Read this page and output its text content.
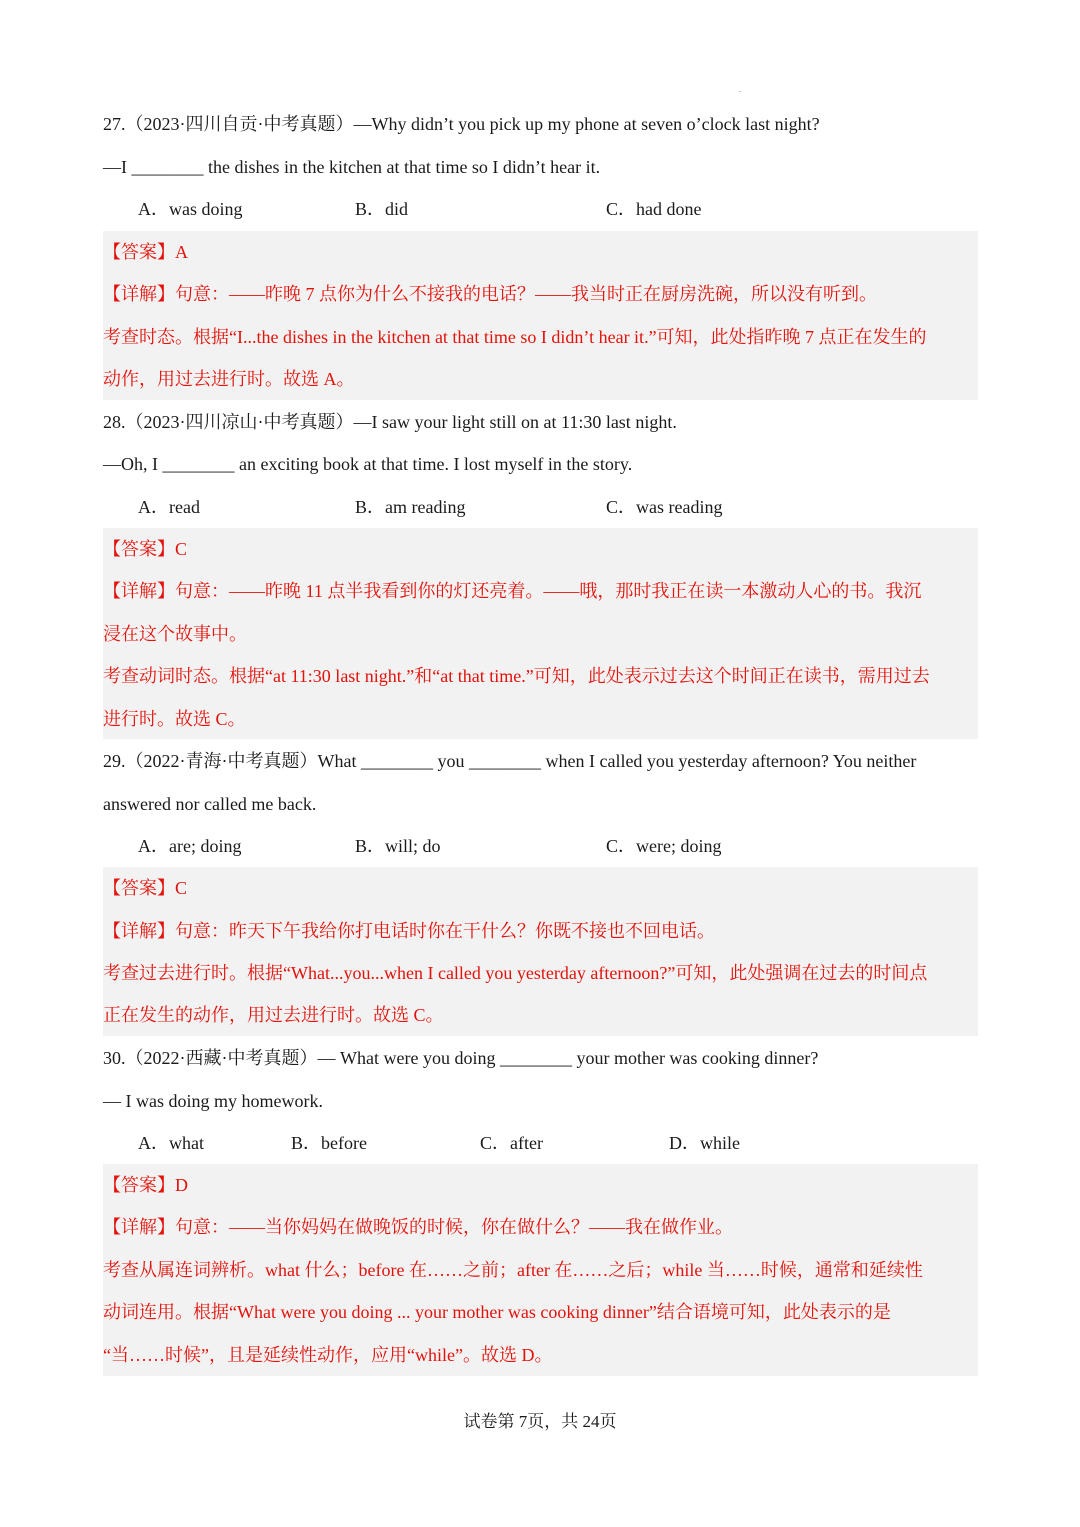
27.（2023·四川自贡·中考真题）—Why didn’t you pick up my phone at seven o’clock last night?
—I ________ the dishes in the kitchen at that time so I didn’t hear it.
A．was doing	B．did	C．had done
【答案】A
【详解】句意：——昨晚 7 点你为什么不接我的电话？——我当时正在厨房洗碗，所以没有听到。
考查时态。根据“I...the dishes in the kitchen at that time so I didn’t hear it.”可知，此处指昨晚 7 点正在发生的
动作，用过去进行时。故选 A。
28.（2023·四川凉山·中考真题）—I saw your light still on at 11:30 last night.
—Oh, I ________ an exciting book at that time. I lost myself in the story.
A．read	B．am reading	C．was reading
【答案】C
【详解】句意：——昨晚 11 点半我看到你的灯还亮着。——哦，那时我正在读一本激动人心的书。我沉
浸在这个故事中。
考查动词时态。根据“at 11:30 last night.”和“at that time.”可知，此处表示过去这个时间正在读书，需用过去
进行时。故选 C。
29.（2022·青海·中考真题）What ________ you ________ when I called you yesterday afternoon? You neither
answered nor called me back.
A．are; doing	B．will; do	C．were; doing
【答案】C
【详解】句意：昨天下午我给你打电话时你在干什么？你既不接也不回电话。
考查过去进行时。根据“What...you...when I called you yesterday afternoon?”可知，此处强调在过去的时间点
正在发生的动作，用过去进行时。故选 C。
30.（2022·西藏·中考真题）— What were you doing ________ your mother was cooking dinner?
— I was doing my homework.
A．what	B．before	C．after	D．while
【答案】D
【详解】句意：——当你妈妈在做晚饭的时候，你在做什么？——我在做作业。
考查从属连词辨析。what 什么；before 在……之前；after 在……之后；while 当……时候，通常和延续性
动词连用。根据“What were you doing ... your mother was cooking dinner”结合语境可知，此处表示的是
“当……时候”，且是延续性动作，应用“while”。故选 D。
试卷第 7页，共 24页
